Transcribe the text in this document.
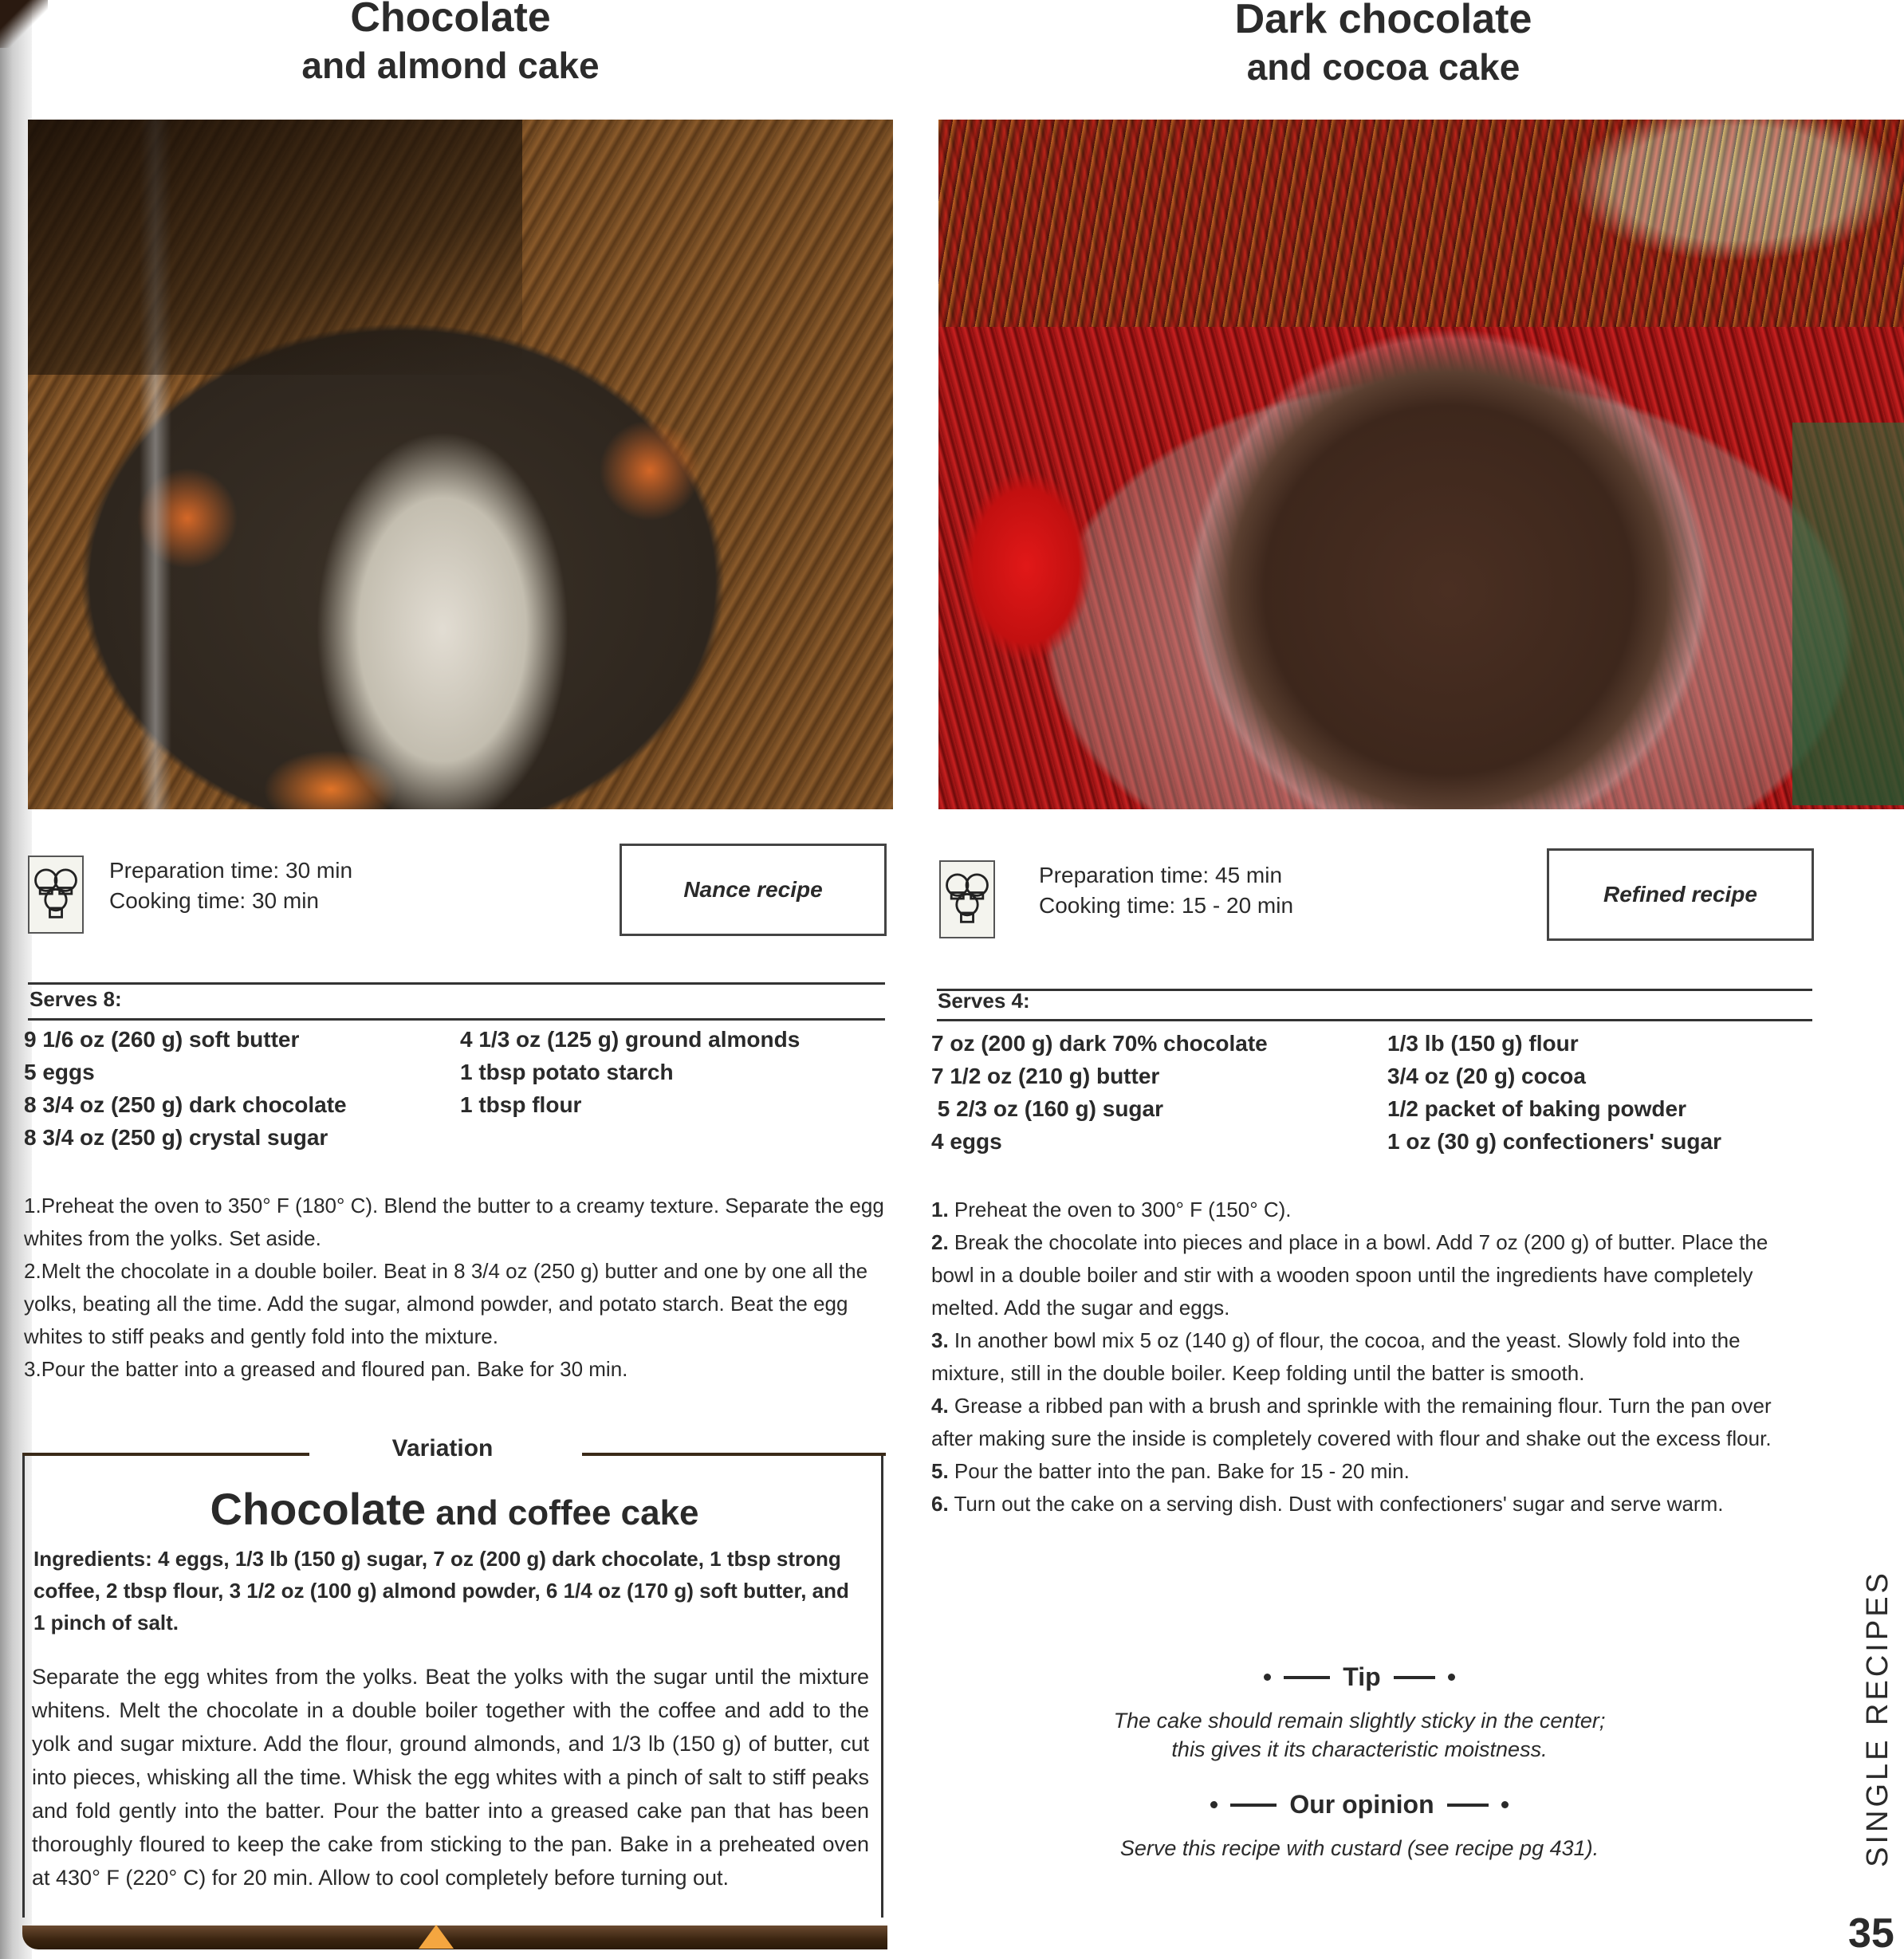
Chocolate
and almond cake
Preparation time: 30 min
Cooking time: 30 min	Nance recipe
Serves 8:
9 1/6 oz (260 g) soft butter
5 eggs
8 3/4 oz (250 g) dark chocolate
8 3/4 oz (250 g) crystal sugar
4 1/3 oz (125 g) ground almonds
1 tbsp potato starch
1 tbsp flour

1.Preheat the oven to 350° F (180° C). Blend the butter to a creamy texture. Separate the egg whites from the yolks. Set aside.

2.Melt the chocolate in a double boiler. Beat in 8 3/4 oz (250 g) butter and one by one all the yolks, beating all the time. Add the sugar, almond powder, and potato starch. Beat the egg whites to stiff peaks and gently fold into the mixture.

3.Pour the batter into a greased and floured pan. Bake for 30 min.

Variation
Chocolate and coffee cake
Ingredients: 4 eggs, 1/3 lb (150 g) sugar, 7 oz (200 g) dark chocolate, 1 tbsp strong coffee, 2 tbsp flour, 3 1/2 oz (100 g) almond powder, 6 1/4 oz (170 g) soft butter, and 1 pinch of salt.
Separate the egg whites from the yolks. Beat the yolks with the sugar until the mixture whitens. Melt the chocolate in a double boiler together with the coffee and add to the yolk and sugar mixture. Add the flour, ground almonds, and 1/3 lb (150 g) of butter, cut into pieces, whisking all the time. Whisk the egg whites with a pinch of salt to stiff peaks and fold gently into the batter. Pour the batter into a greased cake pan that has been thoroughly floured to keep the cake from sticking to the pan. Bake in a preheated oven at 430° F (220° C) for 20 min. Allow to cool completely before turning out.
Dark chocolate
and cocoa cake
Preparation time: 45 min
Cooking time: 15 - 20 min	Refined recipe
Serves 4:
7 oz (200 g) dark 70% chocolate
7 1/2 oz (210 g) butter
5 2/3 oz (160 g) sugar
4 eggs
1/3 lb (150 g) flour
3/4 oz (20 g) cocoa
1/2 packet of baking powder
1 oz (30 g) confectioners' sugar

1. Preheat the oven to 300° F (150° C).

2. Break the chocolate into pieces and place in a bowl. Add 7 oz (200 g) of butter. Place the bowl in a double boiler and stir with a wooden spoon until the ingredients have completely melted. Add the sugar and eggs.

3. In another bowl mix 5 oz (140 g) of flour, the cocoa, and the yeast. Slowly fold into the mixture, still in the double boiler. Keep folding until the batter is smooth.

4. Grease a ribbed pan with a brush and sprinkle with the remaining flour. Turn the pan over after making sure the inside is completely covered with flour and shake out the excess flour.

5. Pour the batter into the pan. Bake for 15 - 20 min.

6. Turn out the cake on a serving dish. Dust with confectioners' sugar and serve warm.

Tip
The cake should remain slightly sticky in the center;
this gives it its characteristic moistness.
Our opinion
Serve this recipe with custard (see recipe pg 431).	SINGLE RECIPES
35
